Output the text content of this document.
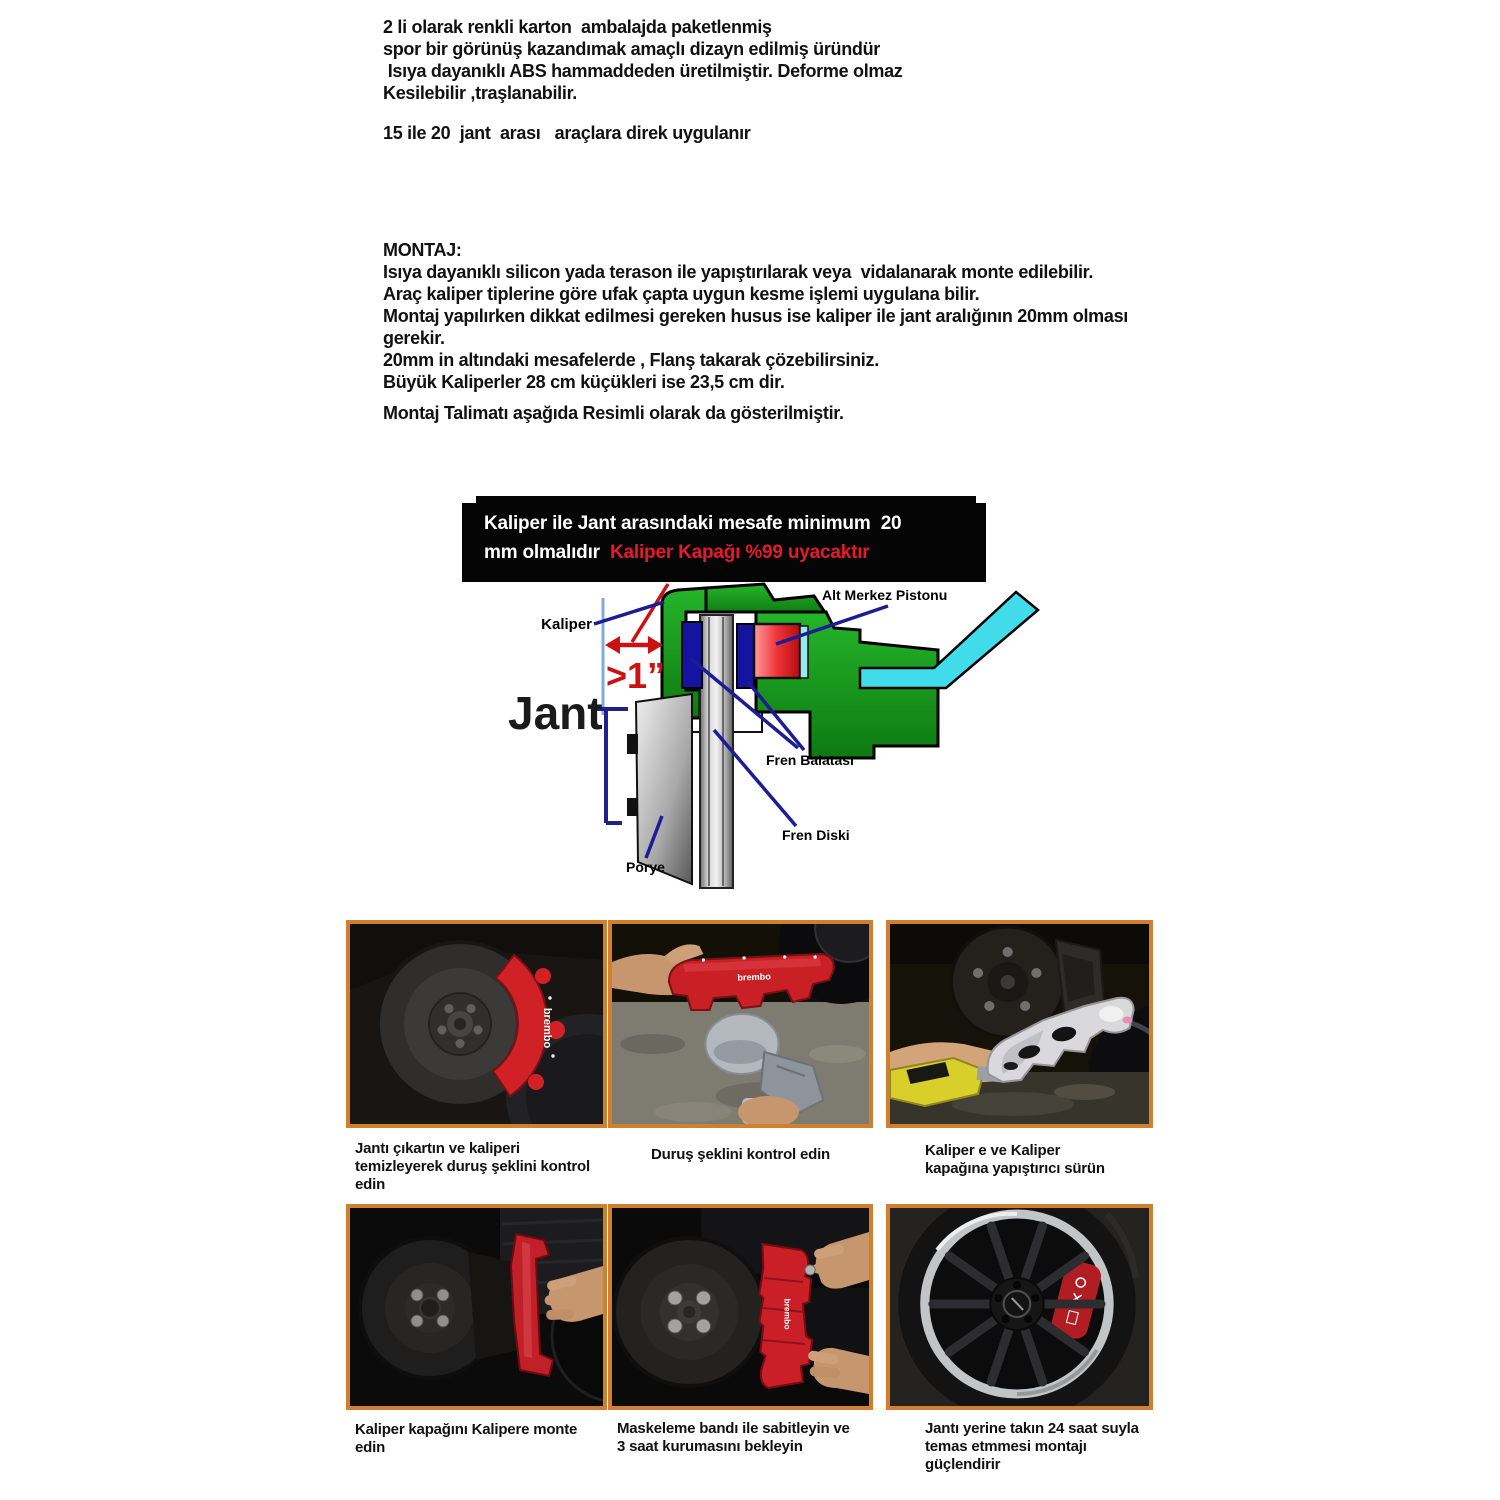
2 li olarak renkli karton  ambalajda paketlenmiş
spor bir görünüş kazandımak amaçlı dizayn edilmiş üründür
Isıya dayanıklı ABS hammaddeden üretilmiştir. Deforme olmaz
Kesilebilir ,traşlanabilir.
15 ile 20  jant  arası   araçlara direk uygulanır
MONTAJ:
Isıya dayanıklı silicon yada terason ile yapıştırılarak veya  vidalanarak monte edilebilir.
Araç kaliper tiplerine göre ufak çapta uygun kesme işlemi uygulana bilir.
Montaj yapılırken dikkat edilmesi gereken husus ise kaliper ile jant aralığının 20mm olması
gerekir.
20mm in altındaki mesafelerde , Flanş takarak çözebilirsiniz.
Büyük Kaliperler 28 cm küçükleri ise 23,5 cm dir.
Montaj Talimatı aşağıda Resimli olarak da gösterilmiştir.
Kaliper ile Jant arasındaki mesafe minimum  20
mm olmalıdır  Kaliper Kapağı %99 uyacaktır
>1”
Kaliper
Jant
Alt Merkez Pistonu
Fren Balatası
Fren Diski
Porye
brembo
brembo
brembo
Jantı çıkartın ve kaliperi
temizleyerek duruş şeklini kontrol
edin
Duruş şeklini kontrol edin	Kaliper e ve Kaliper
kapağına yapıştırıcı sürün
Kaliper kapağını Kalipere monte
edin
Maskeleme bandı ile sabitleyin ve
3 saat kurumasını bekleyin
Jantı yerine takın 24 saat suyla
temas etmmesi montajı
güçlendirir
